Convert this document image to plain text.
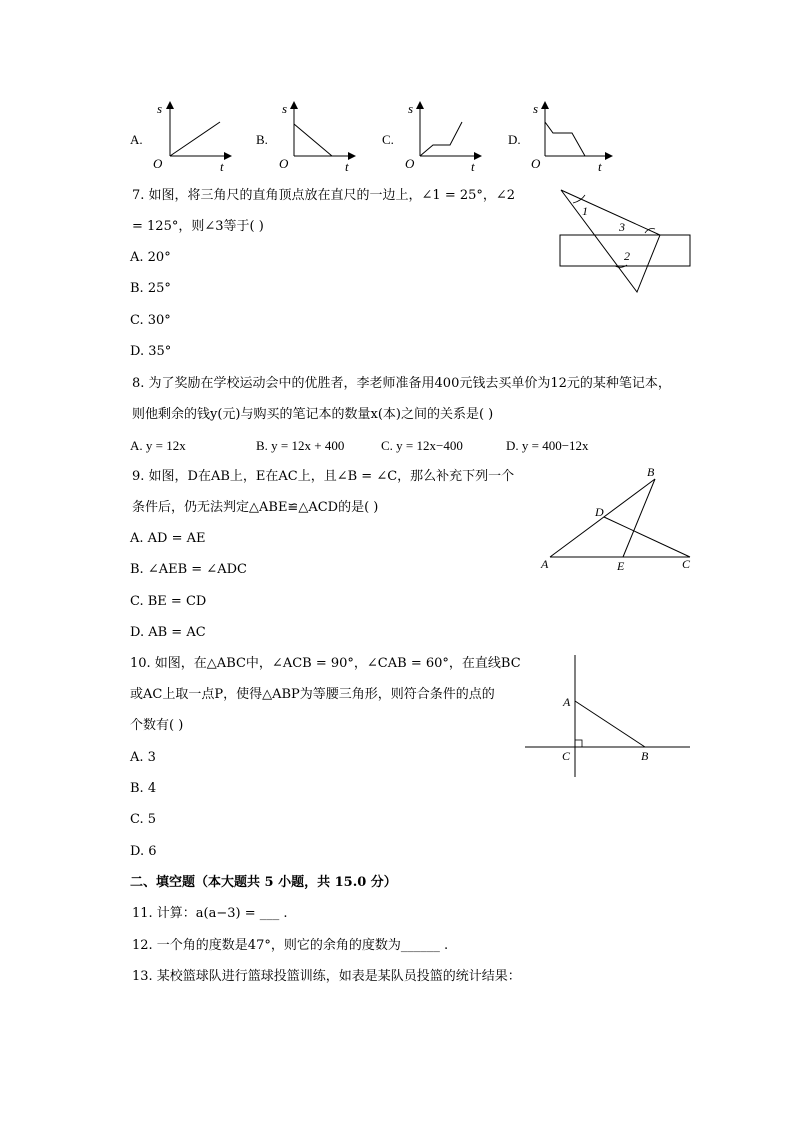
A.
s
t
O
B.
s
t
O
C.
s
t
O
D.
s
t
O
7. 如图，将三角尺的直角顶点放在直尺的一边上，∠1 = 25°，∠2
= 125°，则∠3等于( )
A. 20°
B. 25°
C. 30°
D. 35°
1
3
2
8. 为了奖励在学校运动会中的优胜者，李老师准备用400元钱去买单价为12元的某种笔记本，
则他剩余的钱y(元)与购买的笔记本的数量x(本)之间的关系是( )
A. y = 12x	B. y = 12x + 400	C. y = 12x−400	D. y = 400−12x
9. 如图，D在AB上，E在AC上，且∠B = ∠C，那么补充下列一个
条件后，仍无法判定△ABE≌△ACD的是( )
A. AD = AE
B. ∠AEB = ∠ADC
C. BE = CD
D. AB = AC
B
D
A	E	C
10. 如图，在△ABC中，∠ACB = 90°，∠CAB = 60°，在直线BC
或AC上取一点P，使得△ABP为等腰三角形，则符合条件的点的
个数有( )
A. 3
B. 4
C. 5
D. 6
A
C	B
二、填空题（本大题共 5 小题，共 15.0 分）
11. 计算：a(a−3) = ___ .
12. 一个角的度数是47°，则它的余角的度数为______ .
13. 某校篮球队进行篮球投篮训练，如表是某队员投篮的统计结果：
